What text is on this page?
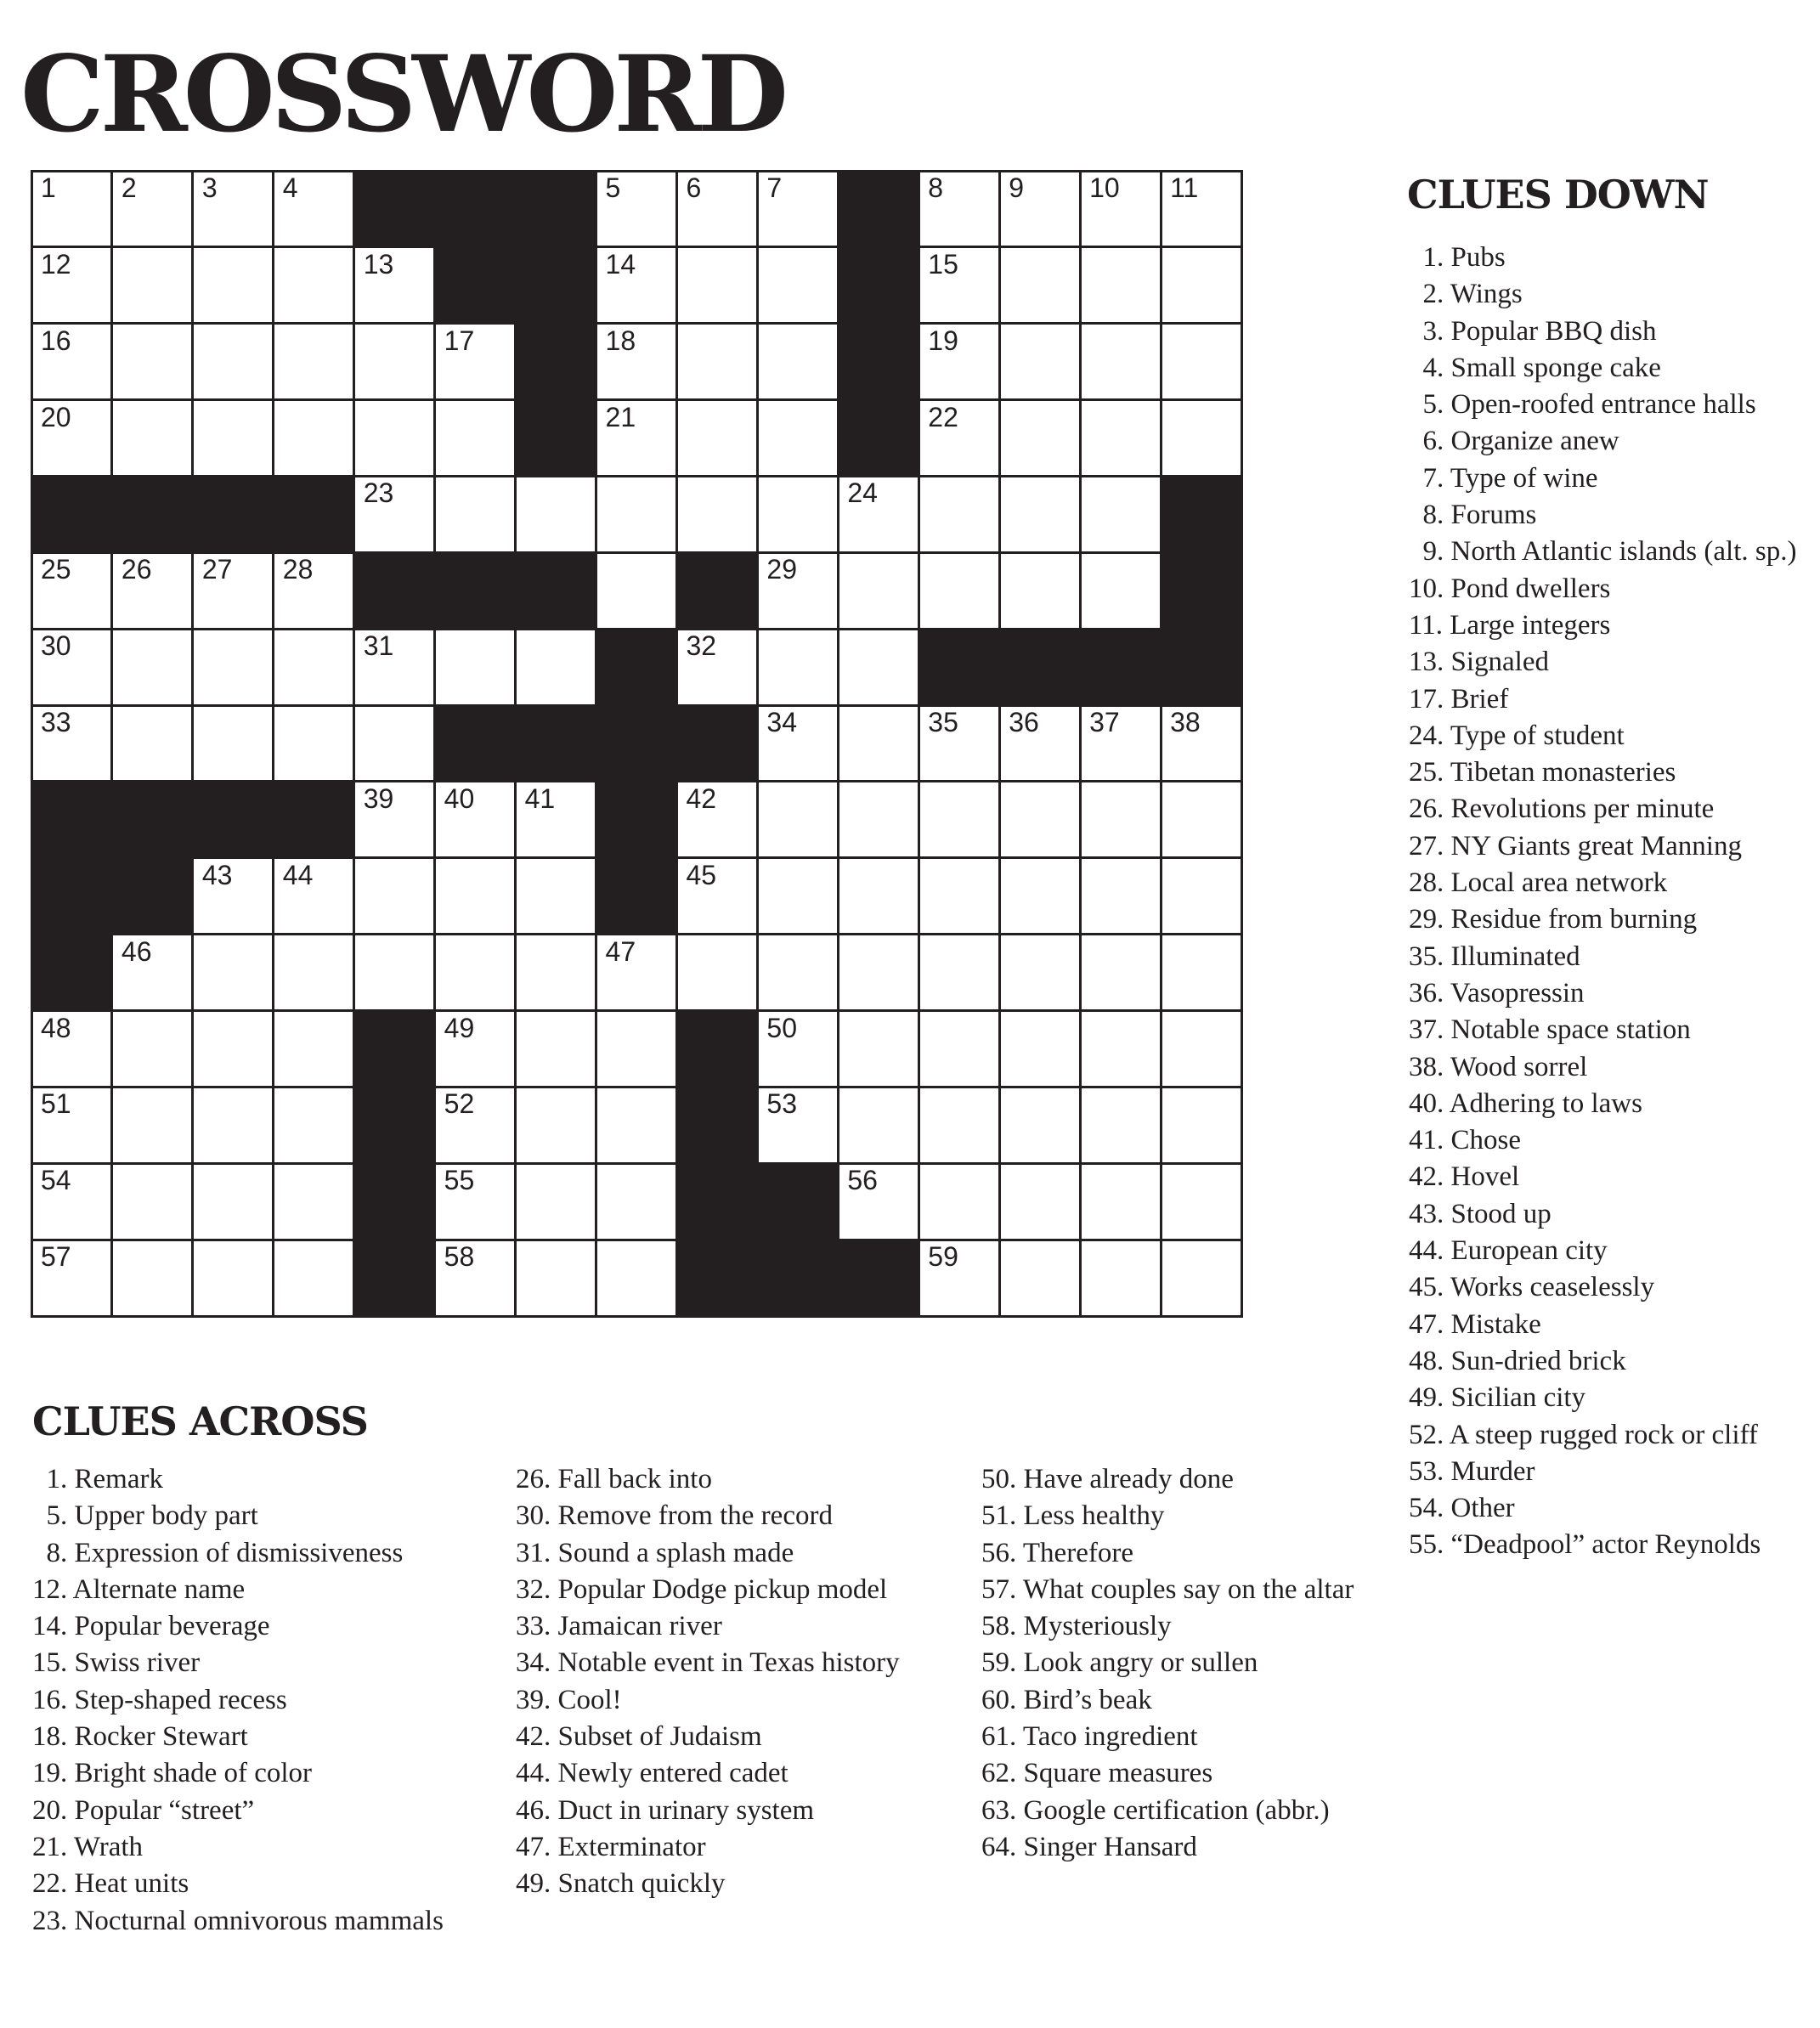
CROSSWORD
1 2 3 4	5 6 7	8 9 10 11
12	13	14	15
16	17	18	19
20	21	22
23	24
25 26 27 28	29
30	31	32
33	34	35 36 37 38
39 40 41	42
43 44	45
46	47
48	49	50
51	52	53
54	55	56
57	58	59
CLUES DOWN
1. Pubs
2. Wings
3. Popular BBQ dish
4. Small sponge cake
5. Open-roofed entrance halls
6. Organize anew
7. Type of wine
8. Forums
9. North Atlantic islands (alt. sp.)
10. Pond dwellers
11. Large integers
13. Signaled
17. Brief
24. Type of student
25. Tibetan monasteries
26. Revolutions per minute
27. NY Giants great Manning
28. Local area network
29. Residue from burning
35. Illuminated
36. Vasopressin
37. Notable space station
38. Wood sorrel
40. Adhering to laws
41. Chose
42. Hovel
43. Stood up
44. European city
45. Works ceaselessly
47. Mistake
48. Sun-dried brick
49. Sicilian city
52. A steep rugged rock or cliff
53. Murder
54. Other
55. “Deadpool” actor Reynolds
CLUES ACROSS
1. Remark
5. Upper body part
8. Expression of dismissiveness
12. Alternate name
14. Popular beverage
15. Swiss river
16. Step-shaped recess
18. Rocker Stewart
19. Bright shade of color
20. Popular “street”
21. Wrath
22. Heat units
23. Nocturnal omnivorous mammals
26. Fall back into
30. Remove from the record
31. Sound a splash made
32. Popular Dodge pickup model
33. Jamaican river
34. Notable event in Texas history
39. Cool!
42. Subset of Judaism
44. Newly entered cadet
46. Duct in urinary system
47. Exterminator
49. Snatch quickly
50. Have already done
51. Less healthy
56. Therefore
57. What couples say on the altar
58. Mysteriously
59. Look angry or sullen
60. Bird’s beak
61. Taco ingredient
62. Square measures
63. Google certification (abbr.)
64. Singer Hansard
